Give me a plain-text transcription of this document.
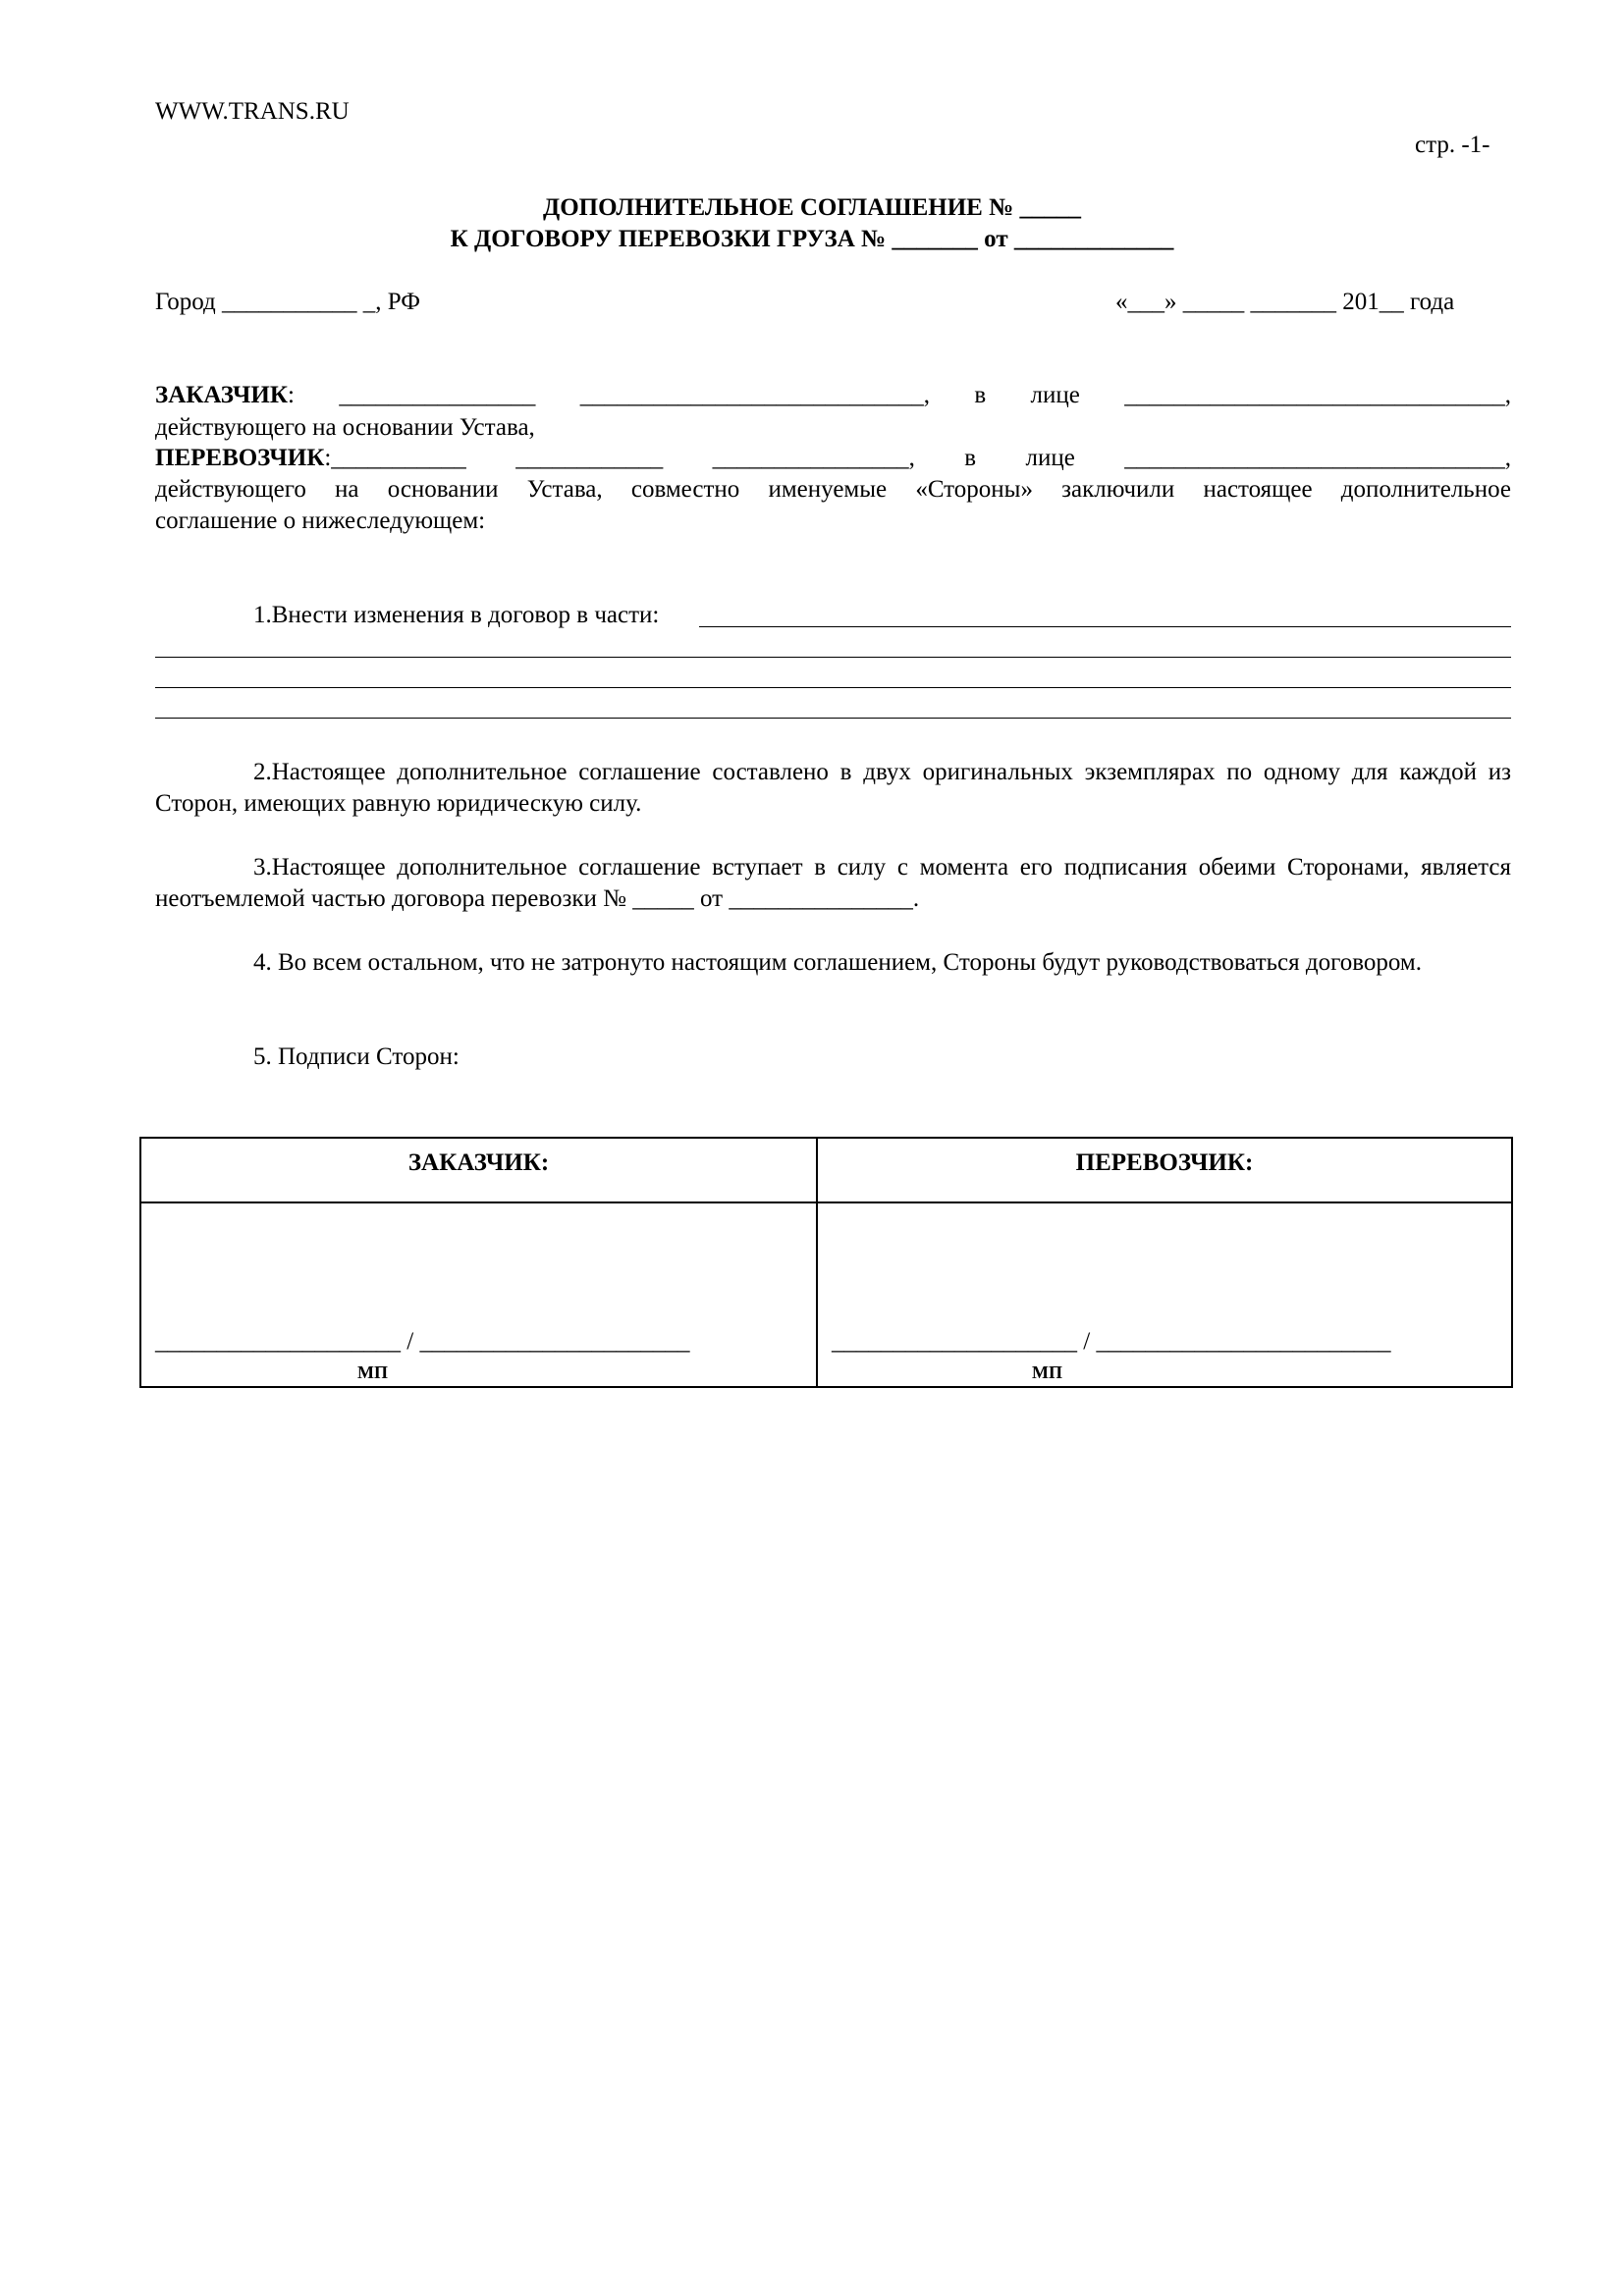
WWW.TRANS.RU
стр. -1-
ДОПОЛНИТЕЛЬНОЕ СОГЛАШЕНИЕ № _____
К ДОГОВОРУ ПЕРЕВОЗКИ ГРУЗА № _______ от _____________
Город ___________ _, РФ	«___» _____ _______ 201__ года
ЗАКАЗЧИК: ________________ ____________________________, в лице _______________________________,
действующего на основании Устава,
ПЕРЕВОЗЧИК:___________ ____________ ________________, в лице _______________________________,
действующего на основании Устава, совместно именуемые «Стороны» заключили настоящее дополнительное
соглашение о нижеследующем:
1.Внести изменения в договор в части:
2.Настоящее дополнительное соглашение составлено в двух оригинальных экземплярах по одному для каждой из Сторон, имеющих равную юридическую силу.
3.Настоящее дополнительное соглашение вступает в силу с момента его подписания обеими Сторонами, является неотъемлемой частью договора перевозки № _____ от _______________.
4. Во всем остальном, что не затронуто настоящим соглашением, Стороны будут руководствоваться договором.
5. Подписи Сторон:
ЗАКАЗЧИК:	ПЕРЕВОЗЧИК:
____________________ / ______________________
МП
____________________ / ________________________
МП
